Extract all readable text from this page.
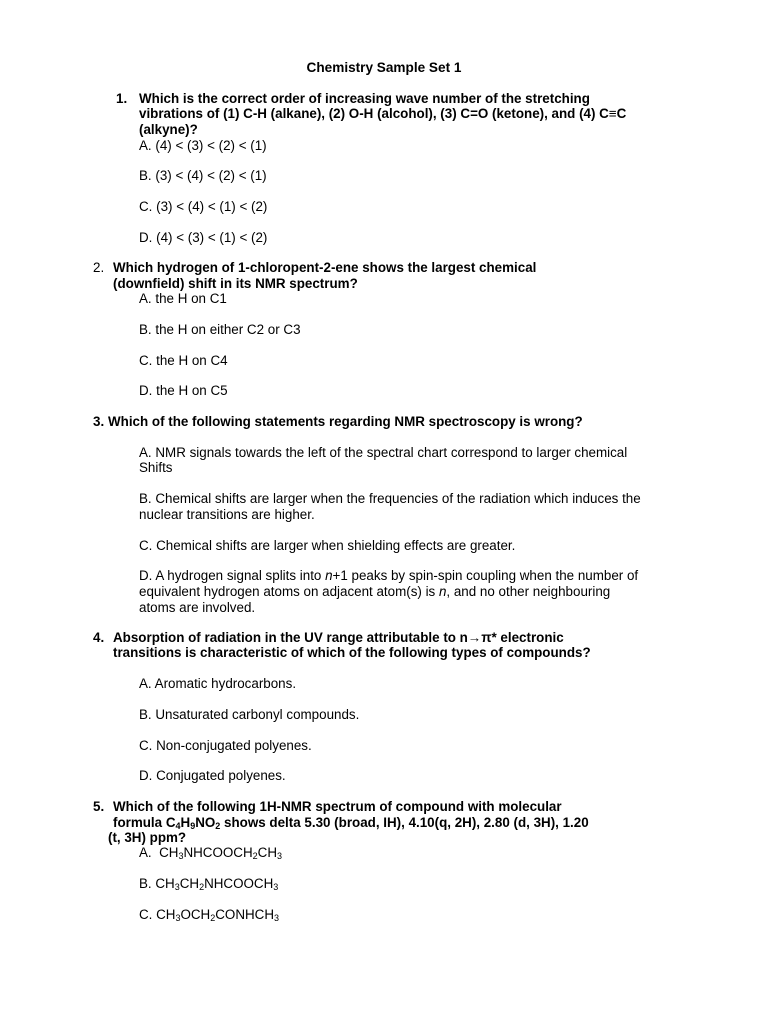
Chemistry Sample Set 1
1. Which is the correct order of increasing wave number of the stretching
vibrations of (1) C-H (alkane), (2) O-H (alcohol), (3) C=O (ketone), and (4) C≡C
(alkyne)?
A. (4) < (3) < (2) < (1)
B. (3) < (4) < (2) < (1)
C. (3) < (4) < (1) < (2)
D. (4) < (3) < (1) < (2)
2. Which hydrogen of 1-chloropent-2-ene shows the largest chemical
(downfield) shift in its NMR spectrum?
A. the H on C1
B. the H on either C2 or C3
C. the H on C4
D. the H on C5
3. Which of the following statements regarding NMR spectroscopy is wrong?
A. NMR signals towards the left of the spectral chart correspond to larger chemical
Shifts
B. Chemical shifts are larger when the frequencies of the radiation which induces the
nuclear transitions are higher.
C. Chemical shifts are larger when shielding effects are greater.
D. A hydrogen signal splits into n+1 peaks by spin-spin coupling when the number of
equivalent hydrogen atoms on adjacent atom(s) is n, and no other neighbouring
atoms are involved.
4. Absorption of radiation in the UV range attributable to n→π* electronic
transitions is characteristic of which of the following types of compounds?
A. Aromatic hydrocarbons.
B. Unsaturated carbonyl compounds.
C. Non-conjugated polyenes.
D. Conjugated polyenes.
5. Which of the following 1H-NMR spectrum of compound with molecular
formula $C_4H_9NO_2$ shows delta 5.30 (broad, IH), 4.10(q, 2H), 2.80 (d, 3H), 1.20
(t, 3H) ppm?
A.  $CH_3NHCOOCH_2CH_3$
B. $CH_3CH_2NHCOOCH_3$
C. $CH_3OCH_2CONHCH_3$
